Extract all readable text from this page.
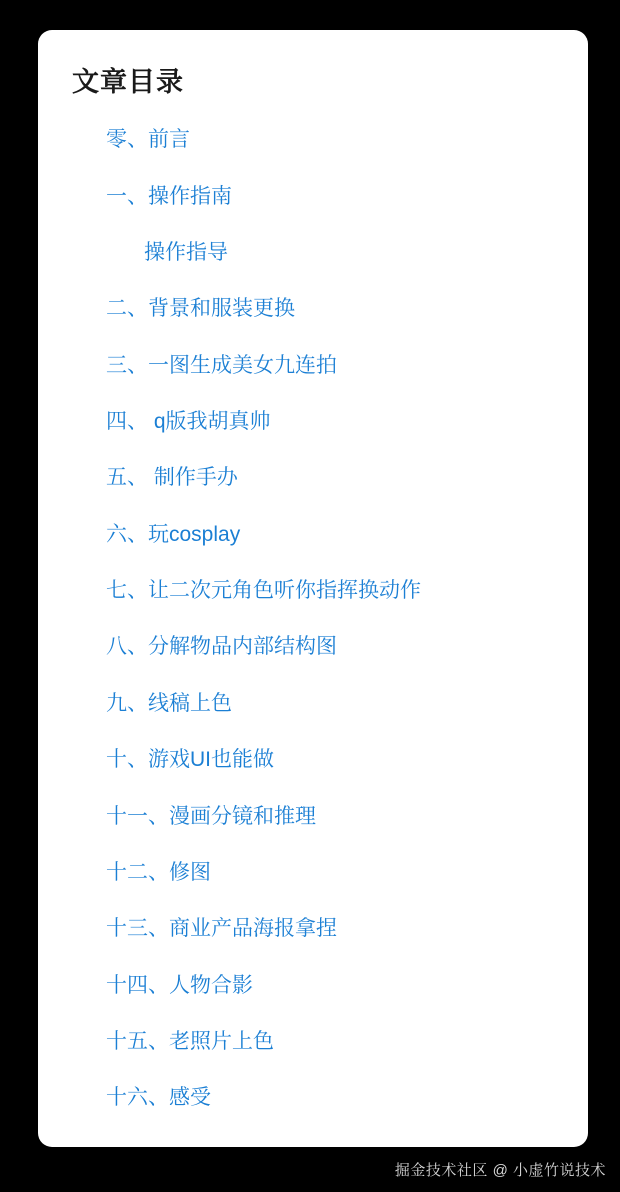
文章目录
零、前言
一、操作指南
操作指导
二、背景和服装更换
三、一图生成美女九连拍
四、 q版我胡真帅
五、 制作手办
六、玩cosplay
七、让二次元角色听你指挥换动作
八、分解物品内部结构图
九、线稿上色
十、游戏UI也能做
十一、漫画分镜和推理
十二、修图
十三、商业产品海报拿捏
十四、人物合影
十五、老照片上色
十六、感受
掘金技术社区 @ 小虚竹说技术
